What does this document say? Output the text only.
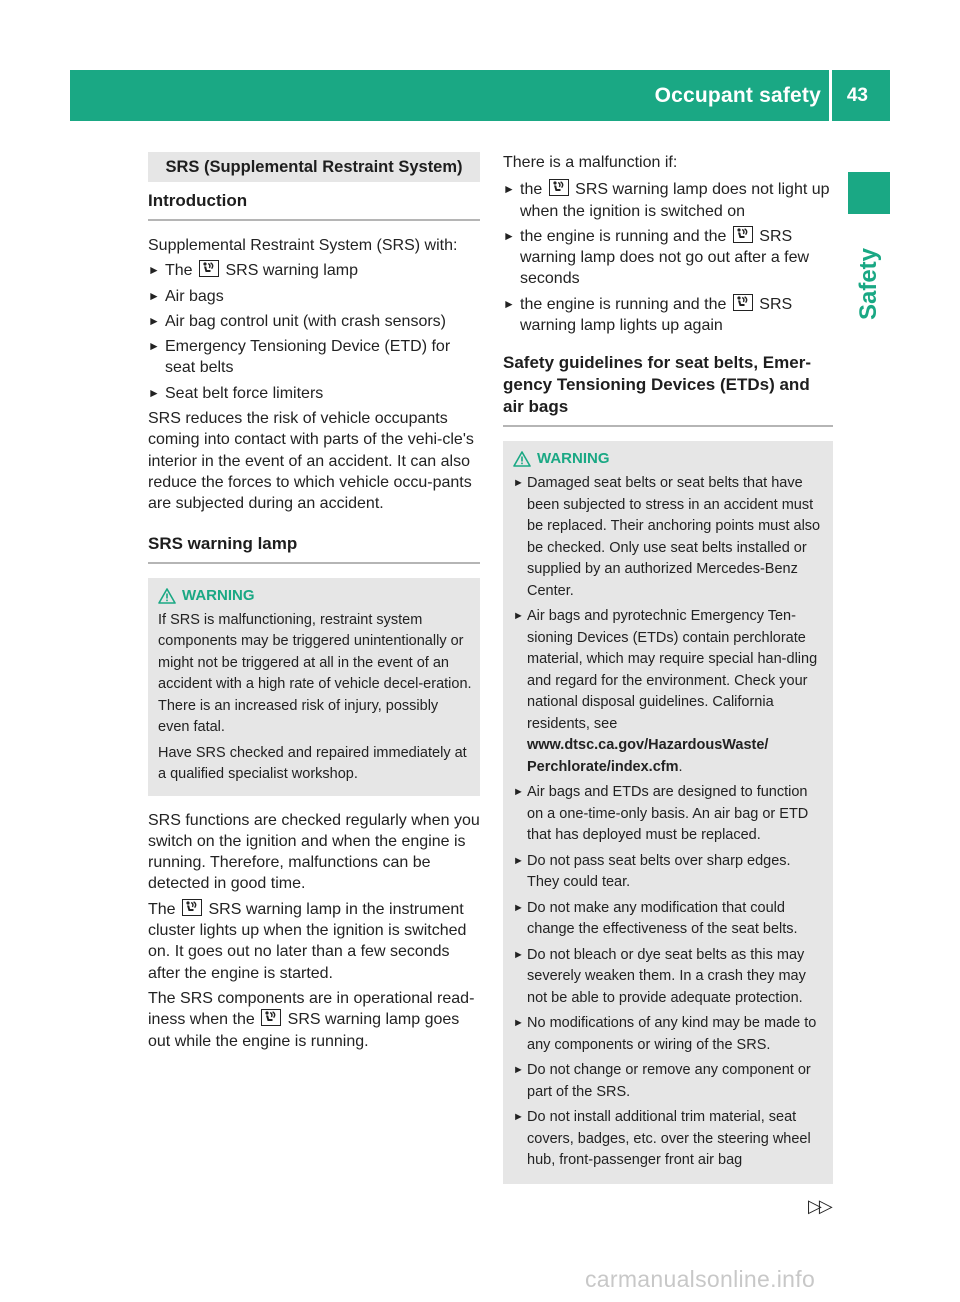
Occupant safety 43
Safety
SRS (Supplemental Restraint System)
Introduction

Supplemental Restraint System (SRS) with:

► The SRS warning lamp
► Air bags
► Air bag control unit (with crash sensors)
► Emergency Tensioning Device (ETD) for seat belts
► Seat belt force limiters

SRS reduces the risk of vehicle occupants coming into contact with parts of the vehi-cle's interior in the event of an accident. It can also reduce the forces to which vehicle occu-pants are subjected during an accident.

SRS warning lamp
WARNING

If SRS is malfunctioning, restraint system components may be triggered unintentionally or might not be triggered at all in the event of an accident with a high rate of vehicle decel-eration. There is an increased risk of injury, possibly even fatal.

Have SRS checked and repaired immediately at a qualified specialist workshop.

SRS functions are checked regularly when you switch on the ignition and when the engine is running. Therefore, malfunctions can be detected in good time.

The SRS warning lamp in the instrument cluster lights up when the ignition is switched on. It goes out no later than a few seconds after the engine is started.

The SRS components are in operational read-iness when the SRS warning lamp goes out while the engine is running.

There is a malfunction if:

► the SRS warning lamp does not light up when the ignition is switched on
► the engine is running and the SRS warning lamp does not go out after a few seconds
► the engine is running and the SRS warning lamp lights up again
Safety guidelines for seat belts, Emer-gency Tensioning Devices (ETDs) and air bags
WARNING
► Damaged seat belts or seat belts that have been subjected to stress in an accident must be replaced. Their anchoring points must also be checked. Only use seat belts installed or supplied by an authorized Mercedes-Benz Center.
► Air bags and pyrotechnic Emergency Ten-sioning Devices (ETDs) contain perchlorate material, which may require special han-dling and regard for the environment. Check your national disposal guidelines. California residents, see www.dtsc.ca.gov/HazardousWaste/ Perchlorate/index.cfm.
► Air bags and ETDs are designed to function on a one-time-only basis. An air bag or ETD that has deployed must be replaced.
► Do not pass seat belts over sharp edges. They could tear.
► Do not make any modification that could change the effectiveness of the seat belts.
► Do not bleach or dye seat belts as this may severely weaken them. In a crash they may not be able to provide adequate protection.
► No modifications of any kind may be made to any components or wiring of the SRS.
► Do not change or remove any component or part of the SRS.
► Do not install additional trim material, seat covers, badges, etc. over the steering wheel hub, front-passenger front air bag
▷▷
carmanualsonline.info
